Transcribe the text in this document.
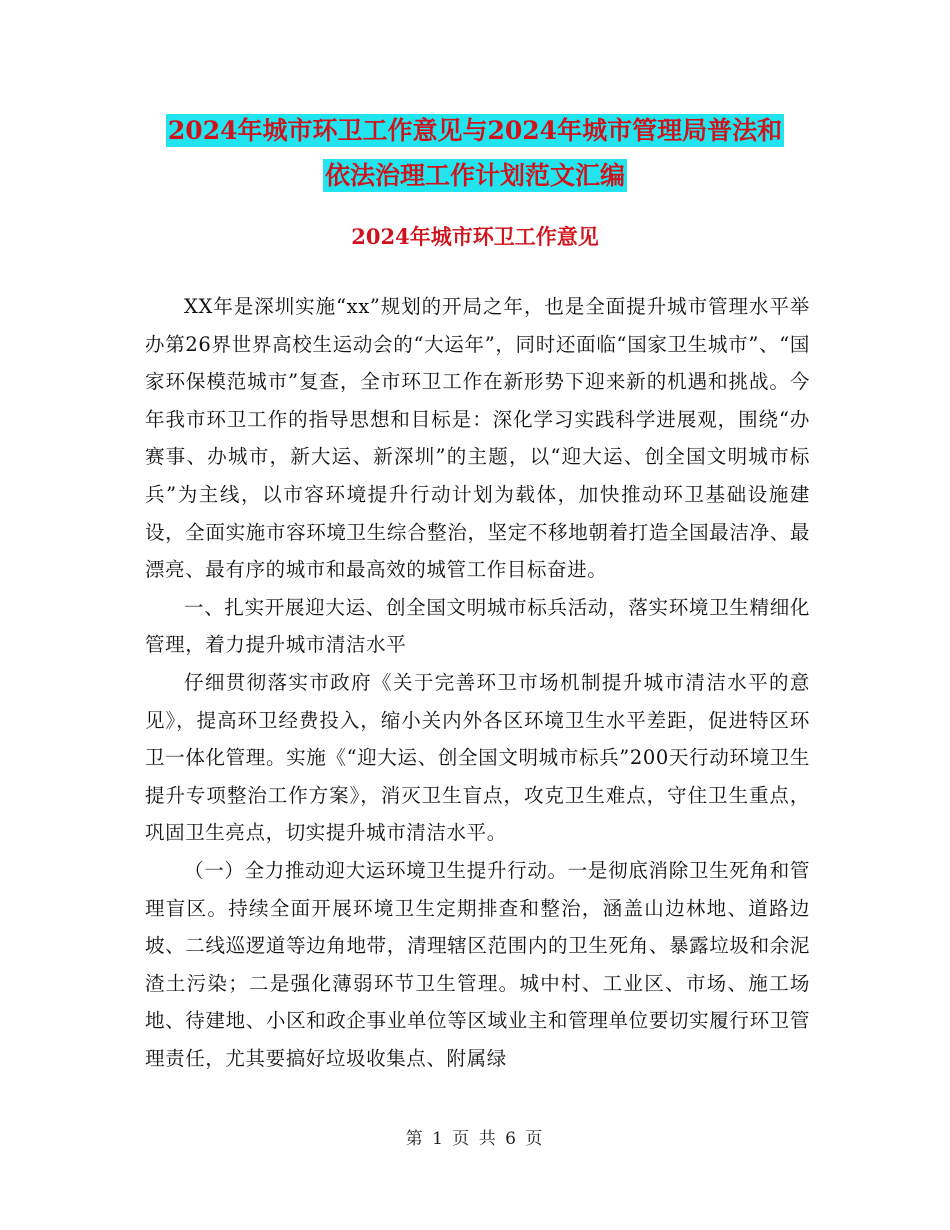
2024年城市环卫工作意见与2024年城市管理局普法和
依法治理工作计划范文汇编
2024年城市环卫工作意见

XX年是深圳实施“xx”规划的开局之年，也是全面提升城市管理水平举办第26界世界高校生运动会的“大运年”，同时还面临“国家卫生城市”、“国家环保模范城市”复查，全市环卫工作在新形势下迎来新的机遇和挑战。今年我市环卫工作的指导思想和目标是：深化学习实践科学进展观，围绕“办赛事、办城市，新大运、新深圳”的主题，以“迎大运、创全国文明城市标兵”为主线，以市容环境提升行动计划为载体，加快推动环卫基础设施建设，全面实施市容环境卫生综合整治，坚定不移地朝着打造全国最洁净、最漂亮、最有序的城市和最高效的城管工作目标奋进。

一、扎实开展迎大运、创全国文明城市标兵活动，落实环境卫生精细化管理，着力提升城市清洁水平

仔细贯彻落实市政府《关于完善环卫市场机制提升城市清洁水平的意见》，提高环卫经费投入，缩小关内外各区环境卫生水平差距，促进特区环卫一体化管理。实施《“迎大运、创全国文明城市标兵”200天行动环境卫生提升专项整治工作方案》，消灭卫生盲点，攻克卫生难点，守住卫生重点，巩固卫生亮点，切实提升城市清洁水平。

（一）全力推动迎大运环境卫生提升行动。一是彻底消除卫生死角和管理盲区。持续全面开展环境卫生定期排查和整治，涵盖山边林地、道路边坡、二线巡逻道等边角地带，清理辖区范围内的卫生死角、暴露垃圾和余泥渣土污染；二是强化薄弱环节卫生管理。城中村、工业区、市场、施工场地、待建地、小区和政企事业单位等区域业主和管理单位要切实履行环卫管理责任，尤其要搞好垃圾收集点、附属绿

第 1 页 共 6 页
